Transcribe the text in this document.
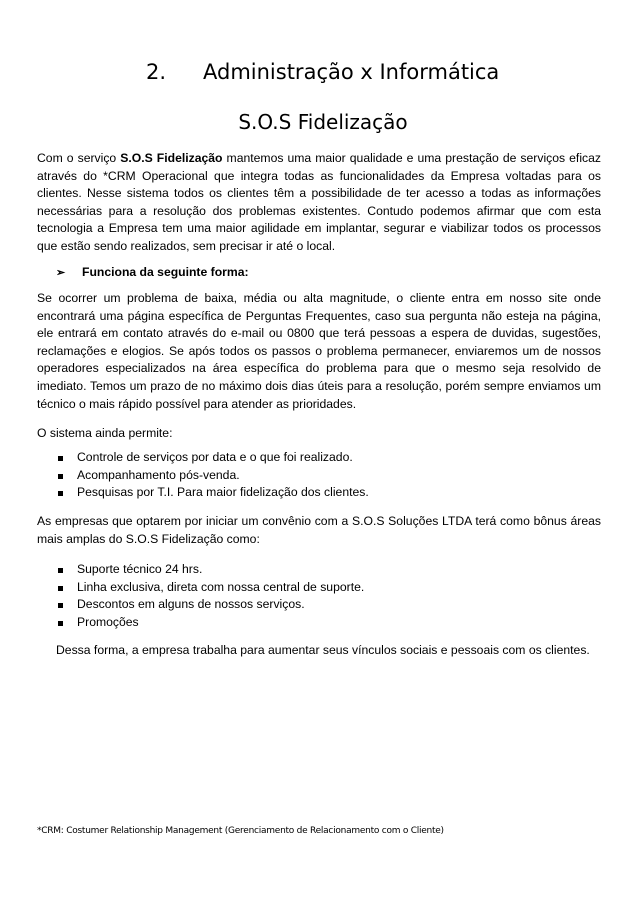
2. Administração x Informática
S.O.S Fidelização

Com o serviço S.O.S Fidelização mantemos uma maior qualidade e uma prestação de serviços eficaz através do *CRM Operacional que integra todas as funcionalidades da Empresa voltadas para os clientes. Nesse sistema todos os clientes têm a possibilidade de ter acesso a todas as informações necessárias para a resolução dos problemas existentes. Contudo podemos afirmar que com esta tecnologia a Empresa tem uma maior agilidade em implantar, segurar e viabilizar todos os processos que estão sendo realizados, sem precisar ir até o local.

➢ Funciona da seguinte forma:

Se ocorrer um problema de baixa, média ou alta magnitude, o cliente entra em nosso site onde encontrará uma página específica de Perguntas Frequentes, caso sua pergunta não esteja na página, ele entrará em contato através do e-mail ou 0800 que terá pessoas a espera de duvidas, sugestões, reclamações e elogios. Se após todos os passos o problema permanecer, enviaremos um de nossos operadores especializados na área específica do problema para que o mesmo seja resolvido de imediato. Temos um prazo de no máximo dois dias úteis para a resolução, porém sempre enviamos um técnico o mais rápido possível para atender as prioridades.

O sistema ainda permite:

Controle de serviços por data e o que foi realizado.
Acompanhamento pós-venda.
Pesquisas por T.I. Para maior fidelização dos clientes.

As empresas que optarem por iniciar um convênio com a S.O.S Soluções LTDA terá como bônus áreas mais amplas do S.O.S Fidelização como:

Suporte técnico 24 hrs.
Linha exclusiva, direta com nossa central de suporte.
Descontos em alguns de nossos serviços.
Promoções

Dessa forma, a empresa trabalha para aumentar seus vínculos sociais e pessoais com os clientes.

*CRM: Costumer Relationship Management (Gerenciamento de Relacionamento com o Cliente)
